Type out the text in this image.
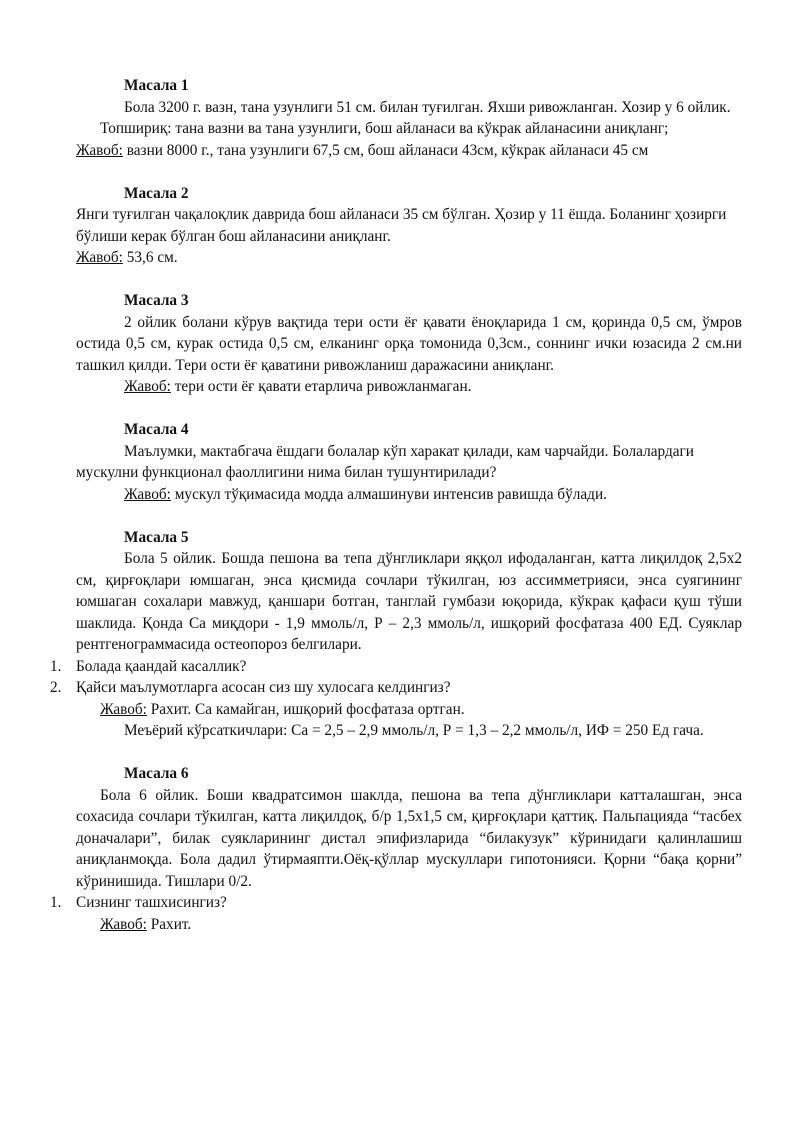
Масала 1

Бола 3200 г. вазн, тана узунлиги 51 см. билан туғилган. Яхши ривожланган. Хозир у 6 ойлик.

Топшириқ: тана вазни ва тана узунлиги, бош айланаси ва кўкрак айланасини аниқланг;

Жавоб: вазни 8000 г., тана узунлиги 67,5 см, бош айланаси 43см, кўкрак айланаси 45 см

Масала 2

Янги туғилган чақалоқлик даврида бош айланаси 35 см бўлган. Ҳозир у 11 ёшда. Боланинг ҳозирги бўлиши керак бўлган бош айланасини аниқланг.

Жавоб: 53,6 см.

Масала 3

2 ойлик болани кўрув вақтида тери ости ёғ қавати ёноқларида 1 см, қоринда 0,5 см, ўмров остида 0,5 см, курак остида 0,5 см, елканинг орқа томонида 0,3см., соннинг ички юзасида 2 см.ни ташкил қилди. Тери ости ёғ қаватини ривожланиш даражасини аниқланг.

Жавоб: тери ости ёғ қавати етарлича ривожланмаган.

Масала 4

Маълумки, мактабгача ёшдаги болалар кўп харакат қилади, кам чарчайди. Болалардаги мускулни функционал фаоллигини нима билан тушунтирилади?

Жавоб: мускул тўқимасида модда алмашинуви интенсив равишда бўлади.

Масала 5

Бола 5 ойлик. Бошда пешона ва тепа дўнгликлари яққол ифодаланган, катта лиқилдоқ 2,5х2 см, қирғоқлари юмшаган, энса қисмида сочлари тўкилган, юз ассимметрияси, энса суягининг юмшаган сохалари мавжуд, қаншари ботган, танглай гумбази юқорида, кўкрак қафаси қуш тўши шаклида. Қонда Са миқдори - 1,9 ммоль/л, Р – 2,3 ммоль/л, ишқорий фосфатаза 400 ЕД. Суяклар рентгенограммасида остеопороз белгилари.

1. Болада қаандай касаллик?

2. Қайси маълумотларга асосан сиз шу хулосага келдингиз?

Жавоб: Рахит. Са камайган, ишқорий фосфатаза ортган.

Меъёрий кўрсаткичлари: Са = 2,5 – 2,9 ммоль/л, Р = 1,3 – 2,2 ммоль/л, ИФ = 250 Ед гача.

Масала 6

Бола 6 ойлик. Боши квадратсимон шаклда, пешона ва тепа дўнгликлари катталашган, энса сохасида сочлари тўкилган, катта лиқилдоқ, б/р 1,5х1,5 см, қирғоқлари қаттиқ. Пальпацияда “тасбех доначалари”, билак суякларининг дистал эпифизларида “билакузук” кўринидаги қалинлашиш аниқланмоқда. Бола дадил ўтирмаяпти.Оёқ-қўллар мускуллари гипотонияси. Қорни “бақа қорни” кўринишида. Тишлари 0/2.

1. Сизнинг ташхисингиз?

Жавоб: Рахит.
